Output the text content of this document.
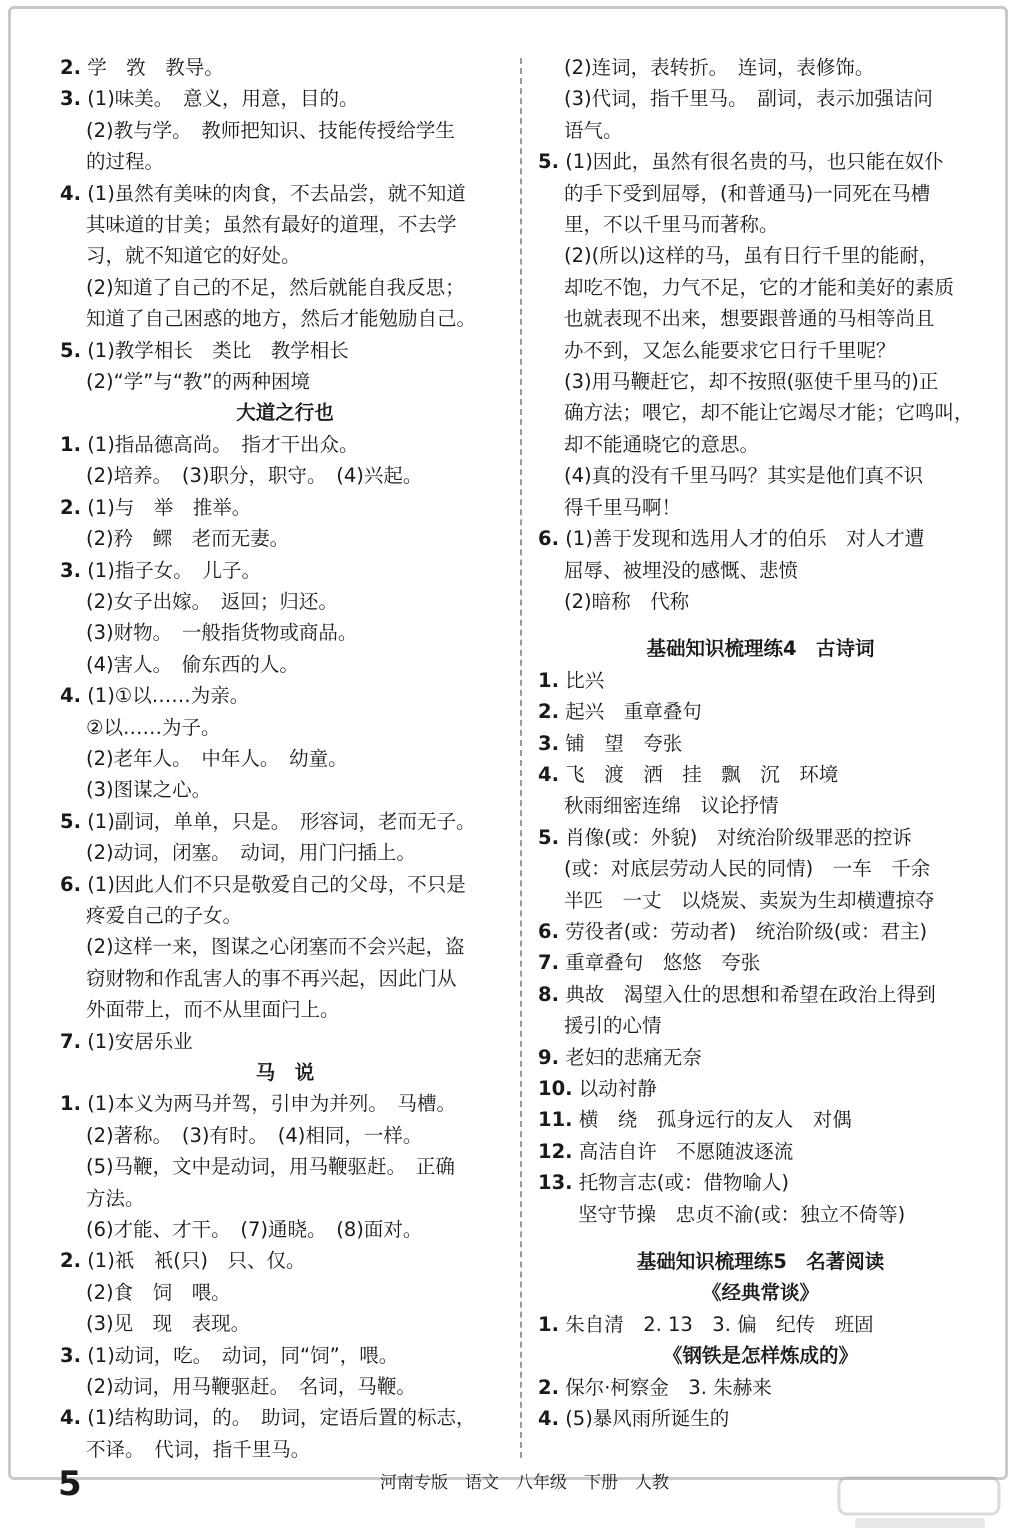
2. 学　敩　教导。
3. (1)味美。　意义，用意，目的。
(2)教与学。　教师把知识、技能传授给学生
的过程。
4. (1)虽然有美味的肉食，不去品尝，就不知道
其味道的甘美；虽然有最好的道理，不去学
习，就不知道它的好处。
(2)知道了自己的不足，然后就能自我反思；
知道了自己困惑的地方，然后才能勉励自己。
5. (1)教学相长　类比　教学相长
(2)“学”与“教”的两种困境
大道之行也
1. (1)指品德高尚。　指才干出众。
(2)培养。　(3)职分，职守。　(4)兴起。
2. (1)与　举　推举。
(2)矜　鳏　老而无妻。
3. (1)指子女。　儿子。
(2)女子出嫁。　返回；归还。
(3)财物。　一般指货物或商品。
(4)害人。　偷东西的人。
4. (1)①以……为亲。
②以……为子。
(2)老年人。　中年人。　幼童。
(3)图谋之心。
5. (1)副词，单单，只是。　形容词，老而无子。
(2)动词，闭塞。　动词，用门闩插上。
6. (1)因此人们不只是敬爱自己的父母，不只是
疼爱自己的子女。
(2)这样一来，图谋之心闭塞而不会兴起，盗
窃财物和作乱害人的事不再兴起，因此门从
外面带上，而不从里面闩上。
7. (1)安居乐业
马　说
1. (1)本义为两马并驾，引申为并列。　马槽。
(2)著称。　(3)有时。　(4)相同，一样。
(5)马鞭，文中是动词，用马鞭驱赶。　正确
方法。
(6)才能、才干。　(7)通晓。　(8)面对。
2. (1)祇　衹(只)　只、仅。
(2)食　饲　喂。
(3)见　现　表现。
3. (1)动词，吃。　动词，同“饲”，喂。
(2)动词，用马鞭驱赶。　名词，马鞭。
4. (1)结构助词，的。　助词，定语后置的标志，
不译。　代词，指千里马。
(2)连词，表转折。　连词，表修饰。
(3)代词，指千里马。　副词，表示加强诘问
语气。
5. (1)因此，虽然有很名贵的马，也只能在奴仆
的手下受到屈辱，(和普通马)一同死在马槽
里，不以千里马而著称。
(2)(所以)这样的马，虽有日行千里的能耐，
却吃不饱，力气不足，它的才能和美好的素质
也就表现不出来，想要跟普通的马相等尚且
办不到，又怎么能要求它日行千里呢？
(3)用马鞭赶它，却不按照(驱使千里马的)正
确方法；喂它，却不能让它竭尽才能；它鸣叫，
却不能通晓它的意思。
(4)真的没有千里马吗？其实是他们真不识
得千里马啊！
6. (1)善于发现和选用人才的伯乐　对人才遭
屈辱、被埋没的感慨、悲愤
(2)暗称　代称
基础知识梳理练4　古诗词
1. 比兴
2. 起兴　重章叠句
3. 铺　望　夸张
4. 飞　渡　洒　挂　飘　沉　环境
秋雨细密连绵　议论抒情
5. 肖像(或：外貌)　对统治阶级罪恶的控诉
(或：对底层劳动人民的同情)　一车　千余
半匹　一丈　以烧炭、卖炭为生却横遭掠夺
6. 劳役者(或：劳动者)　统治阶级(或：君主)
7. 重章叠句　悠悠　夸张
8. 典故　渴望入仕的思想和希望在政治上得到
援引的心情
9. 老妇的悲痛无奈
10. 以动衬静
11. 横　绕　孤身远行的友人　对偶
12. 高洁自许　不愿随波逐流
13. 托物言志(或：借物喻人)
坚守节操　忠贞不渝(或：独立不倚等)
基础知识梳理练5　名著阅读
《经典常谈》
1. 朱自清　2. 13　3. 偏　纪传　班固
《钢铁是怎样炼成的》
2. 保尔·柯察金　3. 朱赫来
4. (5)暴风雨所诞生的
5	河南专版　语文　八年级　下册　人教
